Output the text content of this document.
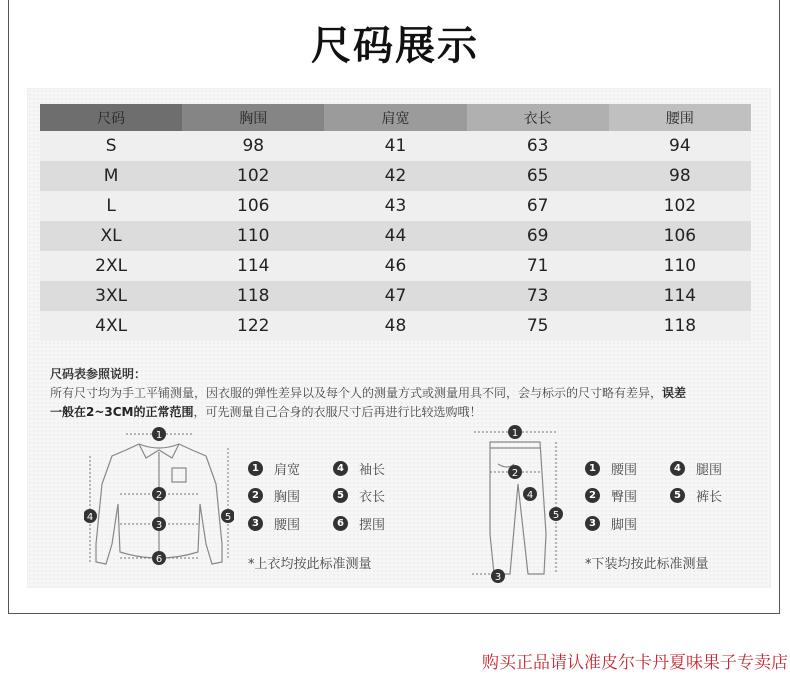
尺码展示
尺码	胸围	肩宽	衣长	腰围
S	98	41	63	94
M	102	42	65	98
L	106	43	67	102
XL	110	44	69	106
2XL	114	46	71	110
3XL	118	47	73	114
4XL	122	48	75	118
尺码表参照说明：
所有尺寸均为手工平铺测量，因衣服的弹性差异以及每个人的测量方式或测量用具不同，会与标示的尺寸略有差异，误差
一般在2~3CM的正常范围，可先测量自己合身的衣服尺寸后再进行比较选购哦！
1
2
3
4	5
6
1	肩宽	4	袖长
2	胸围	5	衣长
3	腰围	6	摆围
*上衣均按此标准测量
1
2
3
4
5
1	腰围	4	腿围
2	臀围	5	裤长
3	脚围
*下装均按此标准测量
购买正品请认准皮尔卡丹夏味果子专卖店
